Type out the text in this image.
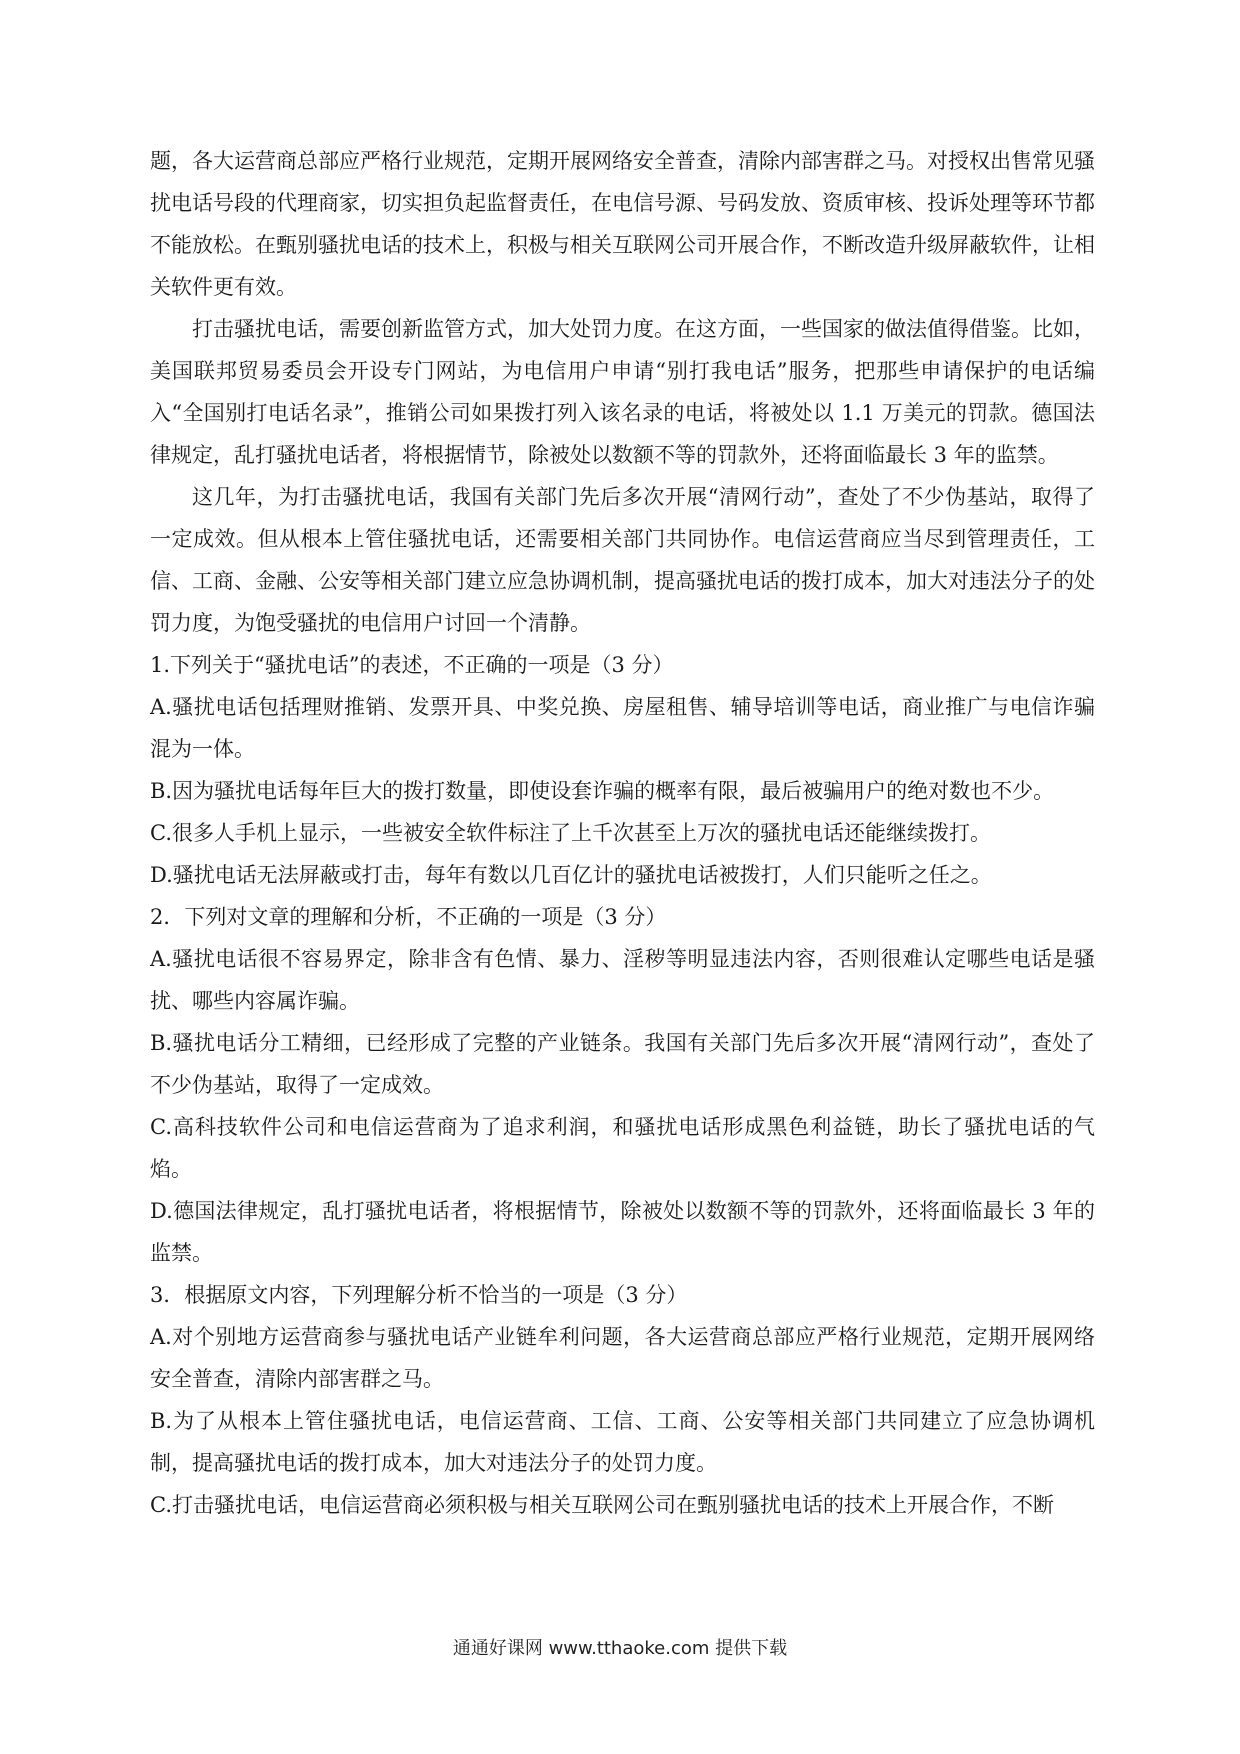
题，各大运营商总部应严格行业规范，定期开展网络安全普查，清除内部害群之马。对授权出售常见骚扰电话号段的代理商家，切实担负起监督责任，在电信号源、号码发放、资质审核、投诉处理等环节都不能放松。在甄别骚扰电话的技术上，积极与相关互联网公司开展合作，不断改造升级屏蔽软件，让相关软件更有效。

打击骚扰电话，需要创新监管方式，加大处罚力度。在这方面，一些国家的做法值得借鉴。比如，美国联邦贸易委员会开设专门网站，为电信用户申请“别打我电话”服务，把那些申请保护的电话编入“全国别打电话名录”，推销公司如果拨打列入该名录的电话，将被处以 1.1 万美元的罚款。德国法律规定，乱打骚扰电话者，将根据情节，除被处以数额不等的罚款外，还将面临最长 3 年的监禁。

这几年，为打击骚扰电话，我国有关部门先后多次开展“清网行动”，查处了不少伪基站，取得了一定成效。但从根本上管住骚扰电话，还需要相关部门共同协作。电信运营商应当尽到管理责任，工信、工商、金融、公安等相关部门建立应急协调机制，提高骚扰电话的拨打成本，加大对违法分子的处罚力度，为饱受骚扰的电信用户讨回一个清静。

1.下列关于“骚扰电话”的表述，不正确的一项是（3 分）

A.骚扰电话包括理财推销、发票开具、中奖兑换、房屋租售、辅导培训等电话，商业推广与电信诈骗混为一体。

B.因为骚扰电话每年巨大的拨打数量，即使设套诈骗的概率有限，最后被骗用户的绝对数也不少。

C.很多人手机上显示，一些被安全软件标注了上千次甚至上万次的骚扰电话还能继续拨打。

D.骚扰电话无法屏蔽或打击，每年有数以几百亿计的骚扰电话被拨打，人们只能听之任之。

2．下列对文章的理解和分析，不正确的一项是（3 分）

A.骚扰电话很不容易界定，除非含有色情、暴力、淫秽等明显违法内容，否则很难认定哪些电话是骚扰、哪些内容属诈骗。

B.骚扰电话分工精细，已经形成了完整的产业链条。我国有关部门先后多次开展“清网行动”，查处了不少伪基站，取得了一定成效。

C.高科技软件公司和电信运营商为了追求利润，和骚扰电话形成黑色利益链，助长了骚扰电话的气焰。

D.德国法律规定，乱打骚扰电话者，将根据情节，除被处以数额不等的罚款外，还将面临最长 3 年的监禁。

3．根据原文内容，下列理解分析不恰当的一项是（3 分）

A.对个别地方运营商参与骚扰电话产业链牟利问题，各大运营商总部应严格行业规范，定期开展网络安全普查，清除内部害群之马。

B.为了从根本上管住骚扰电话，电信运营商、工信、工商、公安等相关部门共同建立了应急协调机制，提高骚扰电话的拨打成本，加大对违法分子的处罚力度。

C.打击骚扰电话，电信运营商必须积极与相关互联网公司在甄别骚扰电话的技术上开展合作，不断

通通好课网 www.tthaoke.com 提供下载
